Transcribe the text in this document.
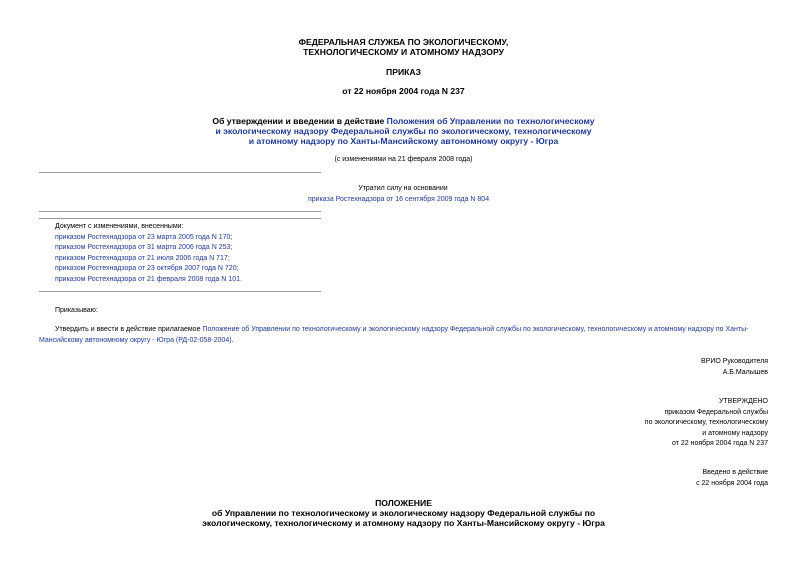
ФЕДЕРАЛЬНАЯ СЛУЖБА ПО ЭКОЛОГИЧЕСКОМУ,
ТЕХНОЛОГИЧЕСКОМУ И АТОМНОМУ НАДЗОРУ
ПРИКАЗ
от 22 ноября 2004 года N 237
Об утверждении и введении в действие Положения об Управлении по технологическому
и экологическому надзору Федеральной службы по экологическому, технологическому
и атомному надзору по Ханты-Мансийскому автономному округу - Югра
(с изменениями на 21 февраля 2008 года)
Утратил силу на основании
приказа Ростехнадзора от 16 сентября 2009 года N 804
Документ с изменениями, внесенными:
приказом Ростехнадзора от 23 марта 2005 года N 170;
приказом Ростехнадзора от 31 марта 2006 года N 253;
приказом Ростехнадзора от 21 июля 2006 года N 717;
приказом Ростехнадзора от 23 октября 2007 года N 720;
приказом Ростехнадзора от 21 февраля 2008 года N 101.
Приказываю:
Утвердить и ввести в действие прилагаемое Положение об Управлении по технологическому и экологическому надзору Федеральной службы по экологическому, технологическому и атомному надзору по Ханты-
Мансийскому автономному округу - Югра (РД-02-058-2004).
ВРИО Руководителя
А.Б.Малышев
УТВЕРЖДЕНО
приказом Федеральной службы
по экологическому, технологическому
и атомному надзору
от 22 ноября 2004 года N 237
Введено в действие
с 22 ноября 2004 года
ПОЛОЖЕНИЕ
об Управлении по технологическому и экологическому надзору Федеральной службы по
экологическому, технологическому и атомному надзору по Ханты-Мансийскому округу - Югра
